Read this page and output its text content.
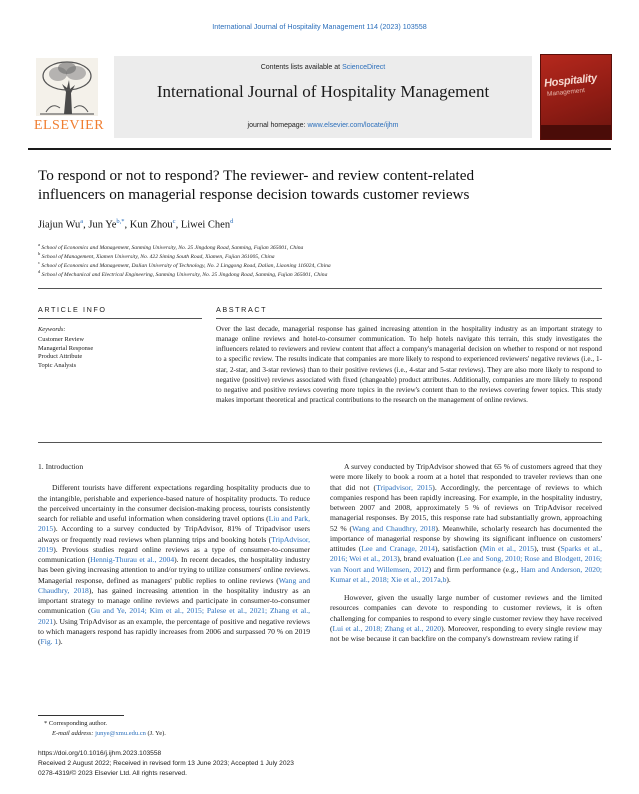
International Journal of Hospitality Management 114 (2023) 103558
ELSEVIER
Contents lists available at ScienceDirect
International Journal of Hospitality Management
journal homepage: www.elsevier.com/locate/ijhm
Hospitality
Management
To respond or not to respond? The reviewer- and review content-related
influencers on managerial response decision towards customer reviews
Jiajun Wu$^a$, Jun $Ye^{b,*}$, Kun Zhou$^c$, Liwei Chen$^d$
$^a$ School of Economics and Management, Sanming University, No. 25 Jingdong Road, Sanming, Fujian 365001, China
$^b$ School of Management, Xiamen University, No. 422 Siming South Road, Xiamen, Fujian 361005, China
$^c$ School of Economics and Management, Dalian University of Technology, No. 2 Linggong Road, Dalian, Liaoning 116024, China
$^d$ School of Mechanical and Electrical Engineering, Sanming University, No. 25 Jingdong Road, Sanming, Fujian 365001, China
ARTICLE INFO	ABSTRACT
Keywords:
Customer Review
Managerial Response
Product Attribute
Topic Analysis
Over the last decade, managerial response has gained increasing attention in the hospitality industry as an important strategy to manage online reviews and hotel-to-consumer communication. To help hotels navigate this terrain, this study investigates the influencers related to reviewers and review content that affect a company's managerial decision on whether to respond or not respond to a specific review. The results indicate that companies are more likely to respond to experienced reviewers' negative reviews (i.e., 1-star, 2-star, and 3-star reviews) than to their positive reviews (i.e., 4-star and 5-star reviews). They are also more likely to respond to negative (positive) reviews associated with fixed (changeable) product attributes. Additionally, companies are more likely to respond to negative and positive reviews covering more topics in the review's content than to the reviews covering fewer topics. This study makes important theoretical and practical contributions to the research on the management of online reviews.
1. Introduction

Different tourists have different expectations regarding hospitality products due to the intangible, perishable and experience-based nature of hospitality products. To reduce the perceived uncertainty in the consumer decision-making process, tourists consistently search for reliable and useful information when considering travel options (Liu and Park, 2015). According to a survey conducted by TripAdvisor, 81% of Tripadvisor users always or frequently read reviews when planning trips and booking hotels (TripAdvisor, 2019). Previous studies regard online reviews as a type of consumer-to-consumer communication (Hennig-Thurau et al., 2004). In recent decades, the hospitality industry has been giving increasing attention to and/or trying to utilize consumers' online reviews. Managerial response, defined as managers' public replies to online reviews (Wang and Chaudhry, 2018), has gained increasing attention in the hospitality industry as an important strategy to manage online reviews and participate in consumer-to-consumer communication (Gu and Ye, 2014; Kim et al., 2015; Palese et al., 2021; Zhang et al., 2021). Using TripAdvisor as an example, the percentage of positive and negative reviews to which managers respond has rapidly increases from 2006 and surpassed 70 % on 2019 (Fig. 1).

A survey conducted by TripAdvisor showed that 65 % of customers agreed that they were more likely to book a room at a hotel that responded to traveler reviews than one that did not (Tripadvisor, 2015). Accordingly, the percentage of reviews to which companies respond has been rapidly increasing. For example, in the hospitality industry, between 2007 and 2008, approximately 5 % of reviews on TripAdvisor received managerial responses. By 2015, this response rate had substantially grown, approaching 52 % (Wang and Chaudhry, 2018). Meanwhile, scholarly research has documented the importance of managerial response by showing its significant influence on customers' attitudes (Lee and Cranage, 2014), satisfaction (Min et al., 2015), trust (Sparks et al., 2016; Wei et al., 2013), brand evaluation (Lee and Song, 2010; Rose and Blodgett, 2016; van Noort and Willemsen, 2012) and firm performance (e.g., Ham and Anderson, 2020; Kumar et al., 2018; Xie et al., 2017a,b).

However, given the usually large number of customer reviews and the limited resources companies can devote to responding to customer reviews, it is often challenging for companies to respond to every single customer review they have received (Lui et al., 2018; Zhang et al., 2020). Moreover, responding to every single review may not be wise because it can backfire on the company's downstream review rating if

* Corresponding author.
E-mail address: junye@xmu.edu.cn (J. Ye).
https://doi.org/10.1016/j.ijhm.2023.103558
Received 2 August 2022; Received in revised form 13 June 2023; Accepted 1 July 2023
0278-4319/© 2023 Elsevier Ltd. All rights reserved.
